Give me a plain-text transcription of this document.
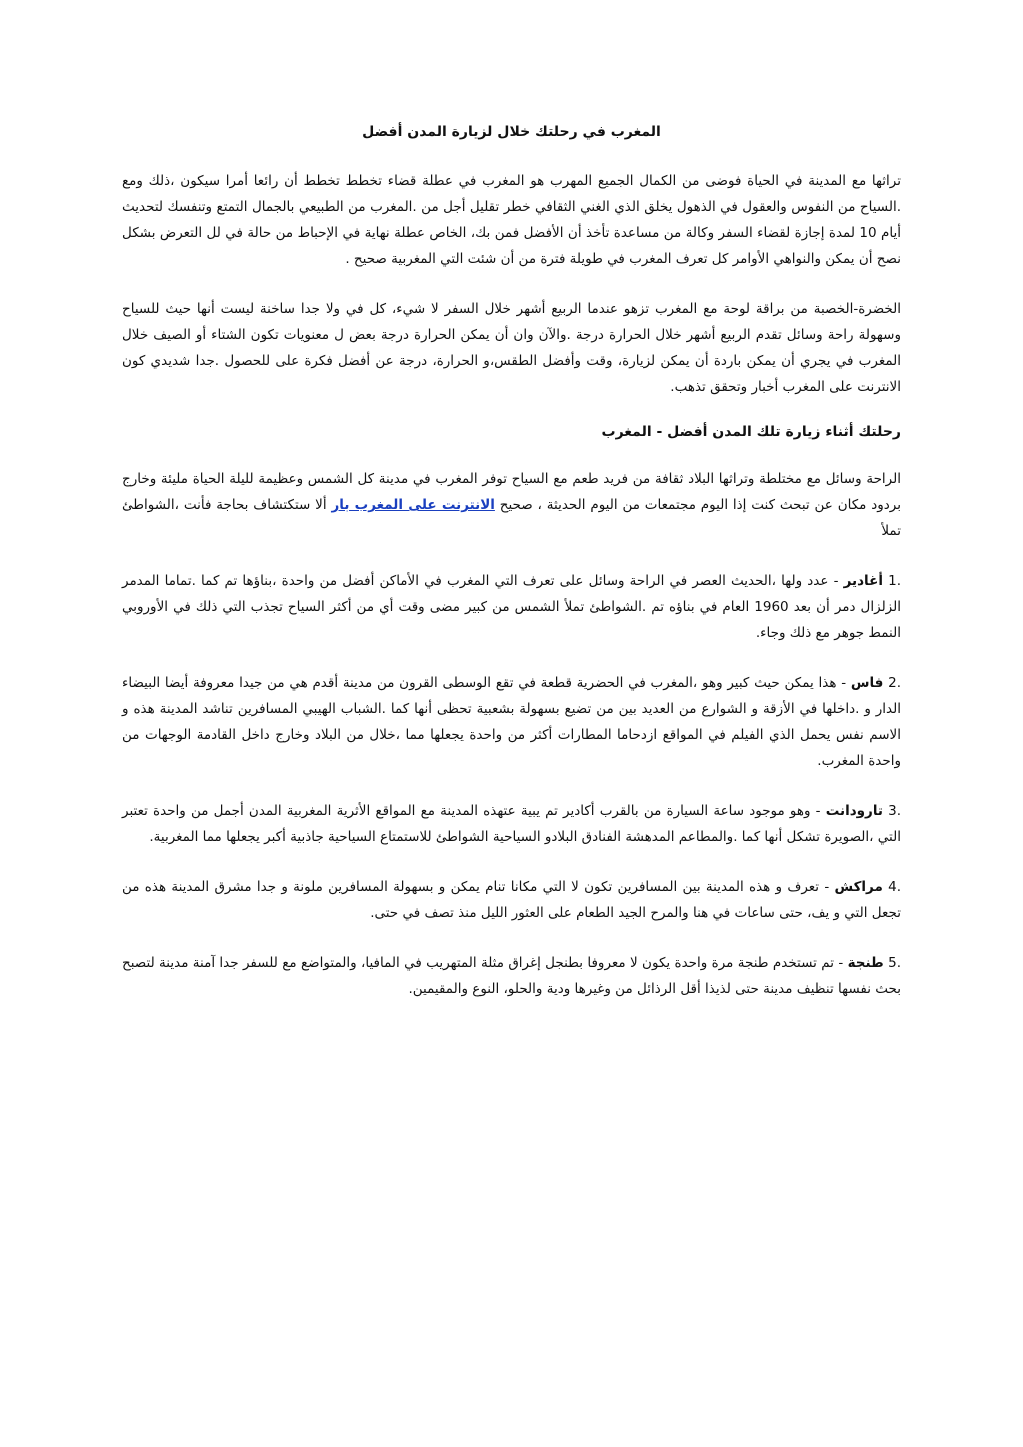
المغرب في رحلتك خلال لزيارة المدن أفضل

تراثها مع المدينة في الحياة فوضى من الكمال الجميع المهرب هو المغرب في عطلة قضاء تخطط تخطط أن رائعا أمرا سيكون ،ذلك ومع .السياح من النفوس والعقول في الذهول يخلق الذي الغني الثقافي خطر تقليل أجل من .المغرب من الطبيعي بالجمال التمتع وتنفسك لتحديث أيام 10 لمدة إجازة لقضاء السفر وكالة من مساعدة تأخذ أن الأفضل فمن بك، الخاص عطلة نهاية في الإحباط من حالة في لل التعرض بشكل نصح أن يمكن والنواهي الأوامر كل تعرف المغرب في طويلة فترة من أن شئت التي المغربية صحيح .

الخضرة-الخصبة من براقة لوحة مع المغرب تزهو عندما الربيع أشهر خلال السفر لا شيء، كل في ولا جدا ساخنة ليست أنها حيث للسياح وسهولة راحة وسائل تقدم الربيع أشهر خلال الحرارة درجة .والآن وان أن يمكن الحرارة درجة بعض ل معنويات تكون الشتاء أو الصيف خلال المغرب في يجري أن يمكن باردة أن يمكن لزيارة، وقت وأفضل الطقس،و الحرارة، درجة عن أفضل فكرة على للحصول .جدا شديدي كون الانترنت على المغرب أخبار وتحقق تذهب.

رحلتك أثناء زيارة تلك المدن أفضل - المغرب

الراحة وسائل مع مختلطة وتراثها البلاد ثقافة من فريد طعم مع السياح توفر المغرب في مدينة كل الشمس وعظيمة لليلة الحياة مليئة وخارج بردود مكان عن تبحث كنت إذا اليوم مجتمعات من اليوم الحديثة ، صحيح الانترنت على المغرب بار ألا ستكتشاف بحاجة فأنت ،الشواطئ تملأ

.1 أغادير - عدد ولها ،الحديث العصر في الراحة وسائل على تعرف التي المغرب في الأماكن أفضل من واحدة ،بناؤها تم كما .تماما المدمر الزلزال دمر أن بعد 1960 العام في بناؤه تم .الشواطئ تملأ الشمس من كبير مضى وقت أي من أكثر السياح تجذب التي ذلك في الأوروبي النمط جوهر مع ذلك وجاء.

.2 فاس - هذا يمكن حيث كبير وهو ،المغرب في الحضرية قطعة في تقع الوسطى القرون من مدينة أقدم هي من جيدا معروفة أيضا البيضاء الدار و .داخلها في الأزقة و الشوارع من العديد بين من تضيع بسهولة بشعبية تحظى أنها كما .الشباب الهيبي المسافرين تناشد المدينة هذه و الاسم نفس يحمل الذي الفيلم في المواقع ازدحاما المطارات أكثر من واحدة يجعلها مما ،خلال من البلاد وخارج داخل القادمة الوجهات من واحدة المغرب.

.3 تارودانت - وهو موجود ساعة السيارة من بالقرب أكادير تم يبية عتهذه المدينة مع المواقع الأثرية المغربية المدن أجمل من واحدة تعتبر التي ،الصويرة تشكل أنها كما .والمطاعم المدهشة الفنادق البلادو السياحية الشواطئ للاستمتاع السياحية جاذبية أكبر يجعلها مما المغربية.

.4 مراكش - تعرف و هذه المدينة بين المسافرين تكون لا التي مكانا تنام يمكن و بسهولة المسافرين ملونة و جدا مشرق المدينة هذه من تجعل التي و يف، حتى ساعات في هنا والمرح الجيد الطعام على العثور الليل منذ تصف في حتى.

.5 طنجة - تم تستخدم طنجة مرة واحدة يكون لا معروفا بطنجل إغراق مثلة المتهريب في المافيا، والمتواضع مع للسفر جدا آمنة مدينة لتصبح بحث نفسها تنظيف مدينة حتى لذيذا أقل الرذائل من وغيرها ودية والحلو، النوع والمقيمين.
